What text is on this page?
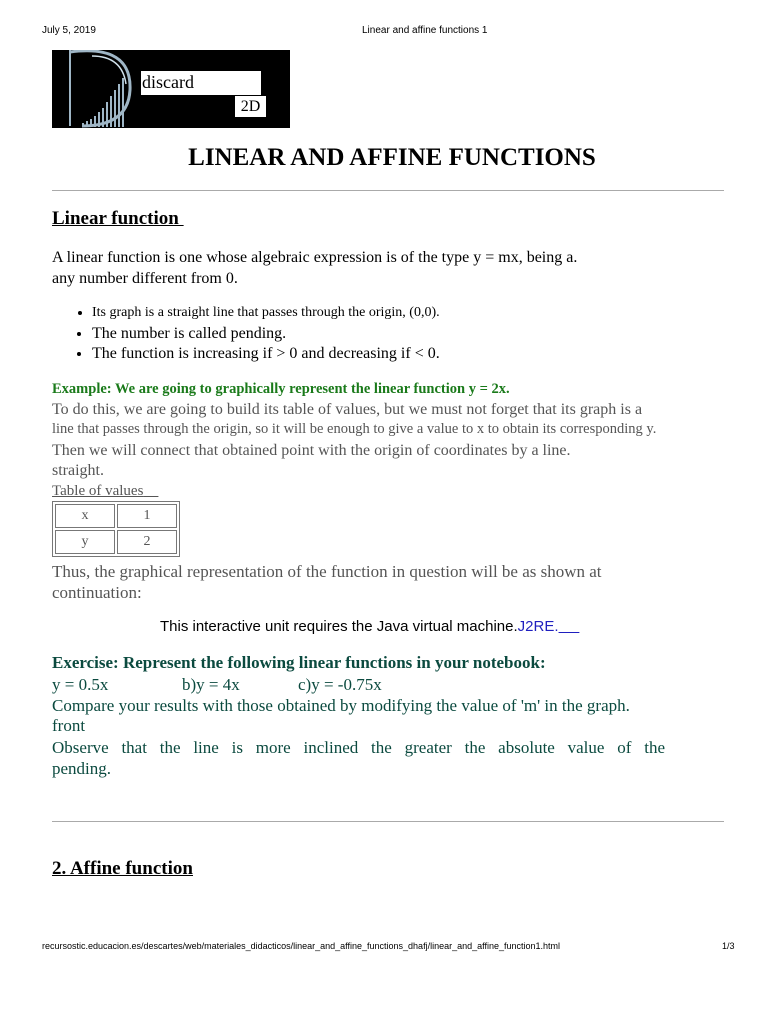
July 5, 2019	Linear and affine functions 1
discard
2D
LINEAR AND AFFINE FUNCTIONS
Linear function
A linear function is one whose algebraic expression is of the type y = mx, being a.
any number different from 0.
• Its graph is a straight line that passes through the origin, (0,0).
• The number is called pending.
• The function is increasing if > 0 and decreasing if < 0.
Example: We are going to graphically represent the linear function y = 2x.
To do this, we are going to build its table of values, but we must not forget that its graph is a
line that passes through the origin, so it will be enough to give a value to x to obtain its corresponding y.
Then we will connect that obtained point with the origin of coordinates by a line.
straight.
Table of values
x	1
y	2
Thus, the graphical representation of the function in question will be as shown at
continuation:
This interactive unit requires the Java virtual machine.J2RE.
Exercise: Represent the following linear functions in your notebook:
y = 0.5x	b)y = 4x	c)y = -0.75x
Compare your results with those obtained by modifying the value of 'm' in the graph.
front
Observe that the line is more inclined the greater the absolute value of the
pending.
2. Affine function
recursostic.educacion.es/descartes/web/materiales_didacticos/linear_and_affine_functions_dhafj/linear_and_affine_function1.html	1/3
